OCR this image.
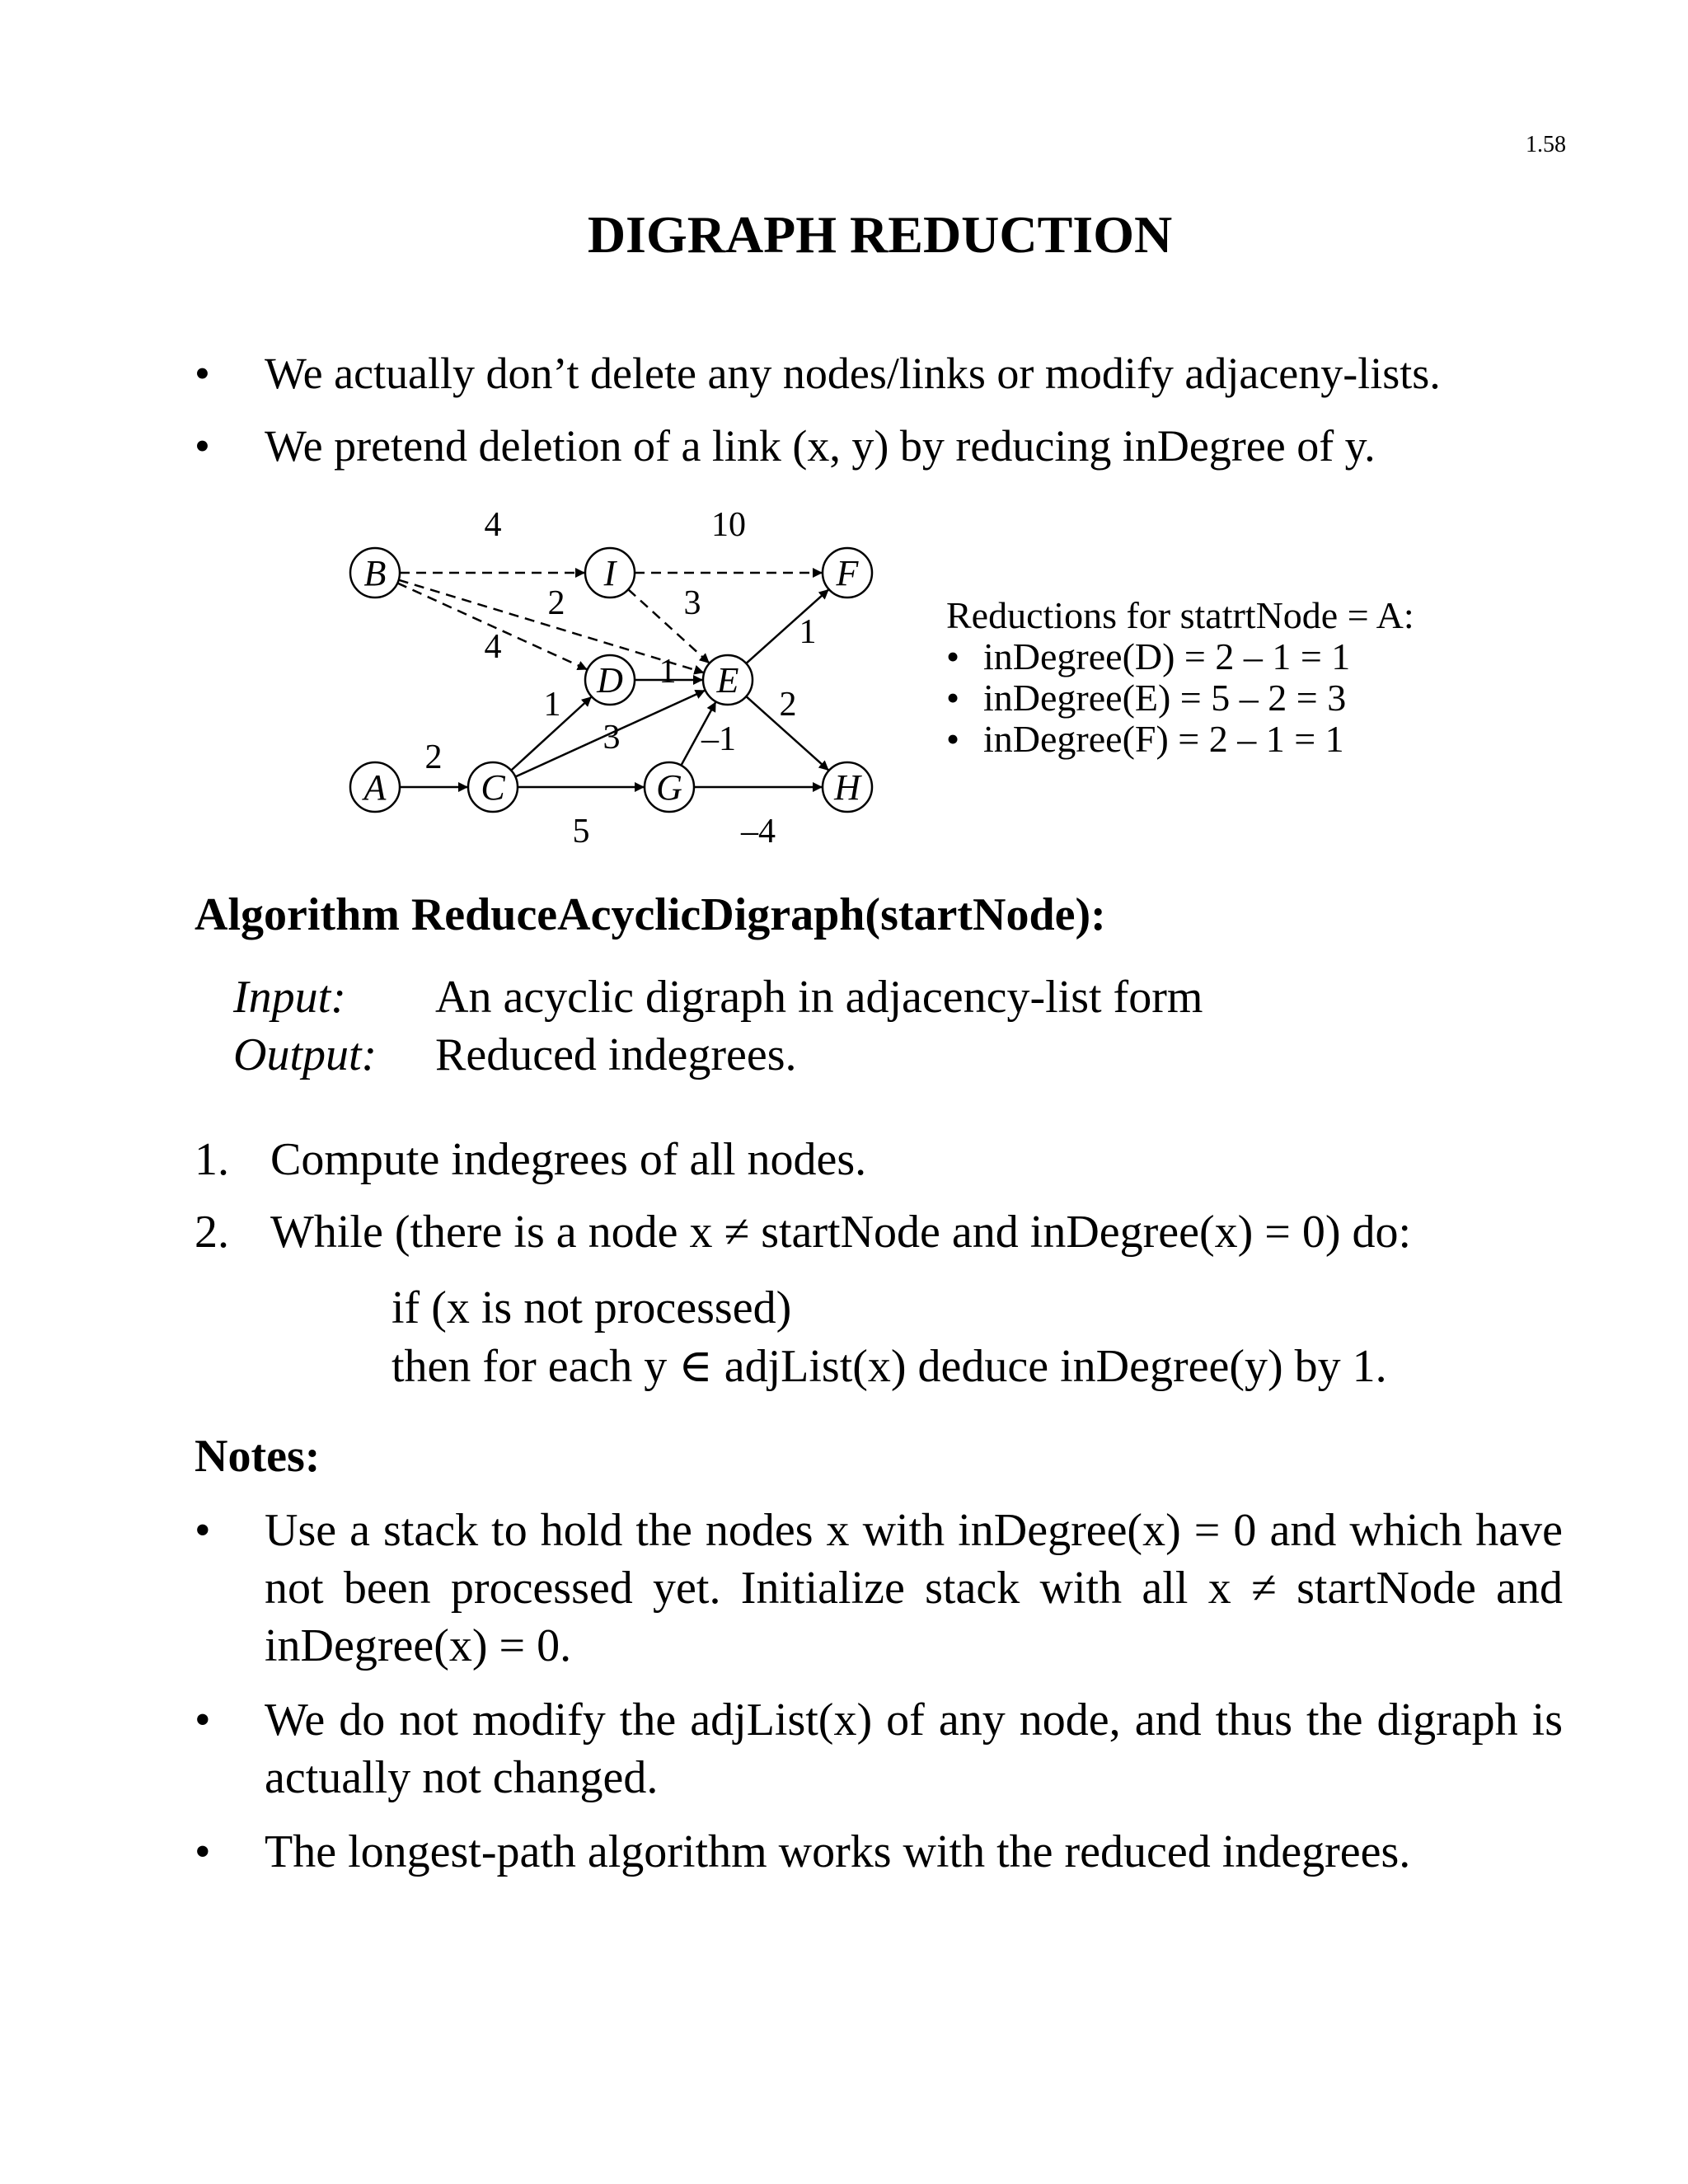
1.58
DIGRAPH REDUCTION
• We actually don’t delete any nodes/links or modify adjaceny-lists.
• We pretend deletion of a link (x, y) by reducing inDegree of y.
B	I	F
D	E
A	C	G	H
4	10
2
4
3
1
1
2
1
3 –1
2
5	–4
Reductions for statrtNode = A:
• inDegree(D) = 2 – 1 = 1
• inDegree(E) = 5 – 2 = 3
• inDegree(F) = 2 – 1 = 1
Algorithm ReduceAcyclicDigraph(startNode):
Input: An acyclic digraph in adjacency-list form
Output: Reduced indegrees.
1. Compute indegrees of all nodes.
2. While (there is a node x ≠ startNode and inDegree(x) = 0) do:
if (x is not processed)
then for each y ∈ adjList(x) deduce inDegree(y) by 1.
Notes:
• Use a stack to hold the nodes x with inDegree(x) = 0 and which have not been processed yet. Initialize stack with all x ≠ startNode and inDegree(x) = 0.
• We do not modify the adjList(x) of any node, and thus the digraph is actually not changed.
• The longest-path algorithm works with the reduced indegrees.
